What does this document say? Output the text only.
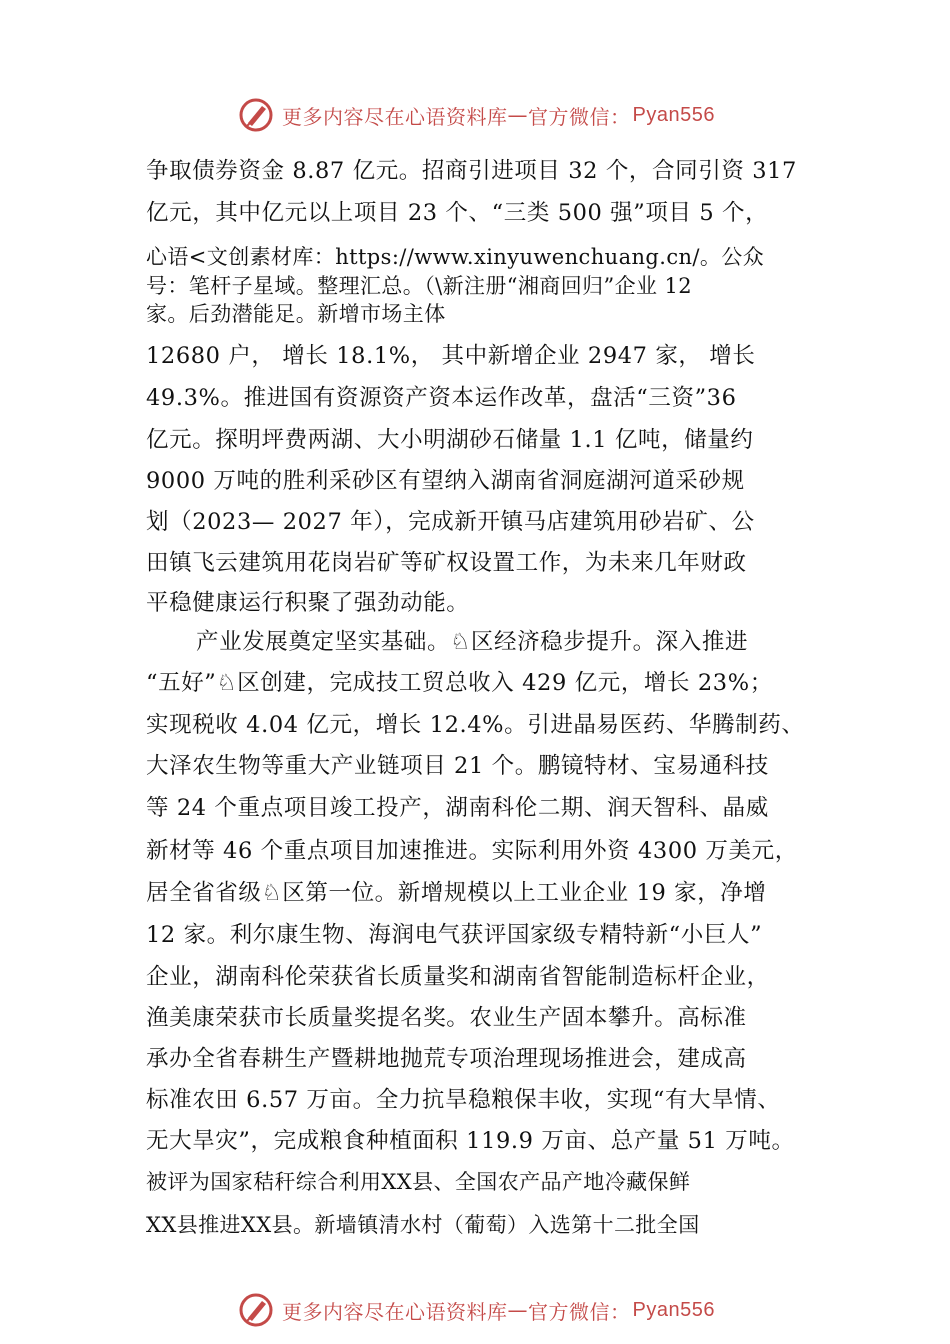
更多内容尽在心语资料库 — 官方微信： Pyan556
争取债券资金 8.87 亿元。招商引进项目 32 个，合同引资 317
亿元，其中亿元以上项目 23 个、“三类 500 强”项目 5 个，
心语<文创素材库：https://www.xinyuwenchuang.cn/。公众
号：笔杆子星域。整理汇总。（\新注册“湘商回归”企业 12
家。后劲潜能足。新增市场主体
12680 户， 增长 18.1%， 其中新增企业 2947 家， 增长
49.3%。推进国有资源资产资本运作改革，盘活“三资”36
亿元。探明坪费两湖、大小明湖砂石储量 1.1 亿吨，储量约
9000 万吨的胜利采砂区有望纳入湖南省洞庭湖河道采砂规
划（2023— 2027 年），完成新开镇马店建筑用砂岩矿、公
田镇飞云建筑用花岗岩矿等矿权设置工作，为未来几年财政
平稳健康运行积聚了强劲动能。
产业发展奠定坚实基础。♘区经济稳步提升。深入推进
“五好”♘区创建，完成技工贸总收入 429 亿元，增长 23%；
实现税收 4.04 亿元，增长 12.4%。引进晶易医药、华腾制药、
大泽农生物等重大产业链项目 21 个。鹏镜特材、宝易通科技
等 24 个重点项目竣工投产，湖南科伦二期、润天智科、晶威
新材等 46 个重点项目加速推进。实际利用外资 4300 万美元，
居全省省级♘区第一位。新增规模以上工业企业 19 家，净增
12 家。利尔康生物、海润电气获评国家级专精特新“小巨人”
企业，湖南科伦荣获省长质量奖和湖南省智能制造标杆企业，
渔美康荣获市长质量奖提名奖。农业生产固本攀升。高标准
承办全省春耕生产暨耕地抛荒专项治理现场推进会，建成高
标准农田 6.57 万亩。全力抗旱稳粮保丰收，实现“有大旱情、
无大旱灾”，完成粮食种植面积 119.9 万亩、总产量 51 万吨。
被评为国家秸秆综合利用XX县、全国农产品产地冷藏保鲜
XX县推进XX县。新墙镇清水村（葡萄）入选第十二批全国
更多内容尽在心语资料库 — 官方微信： Pyan556
